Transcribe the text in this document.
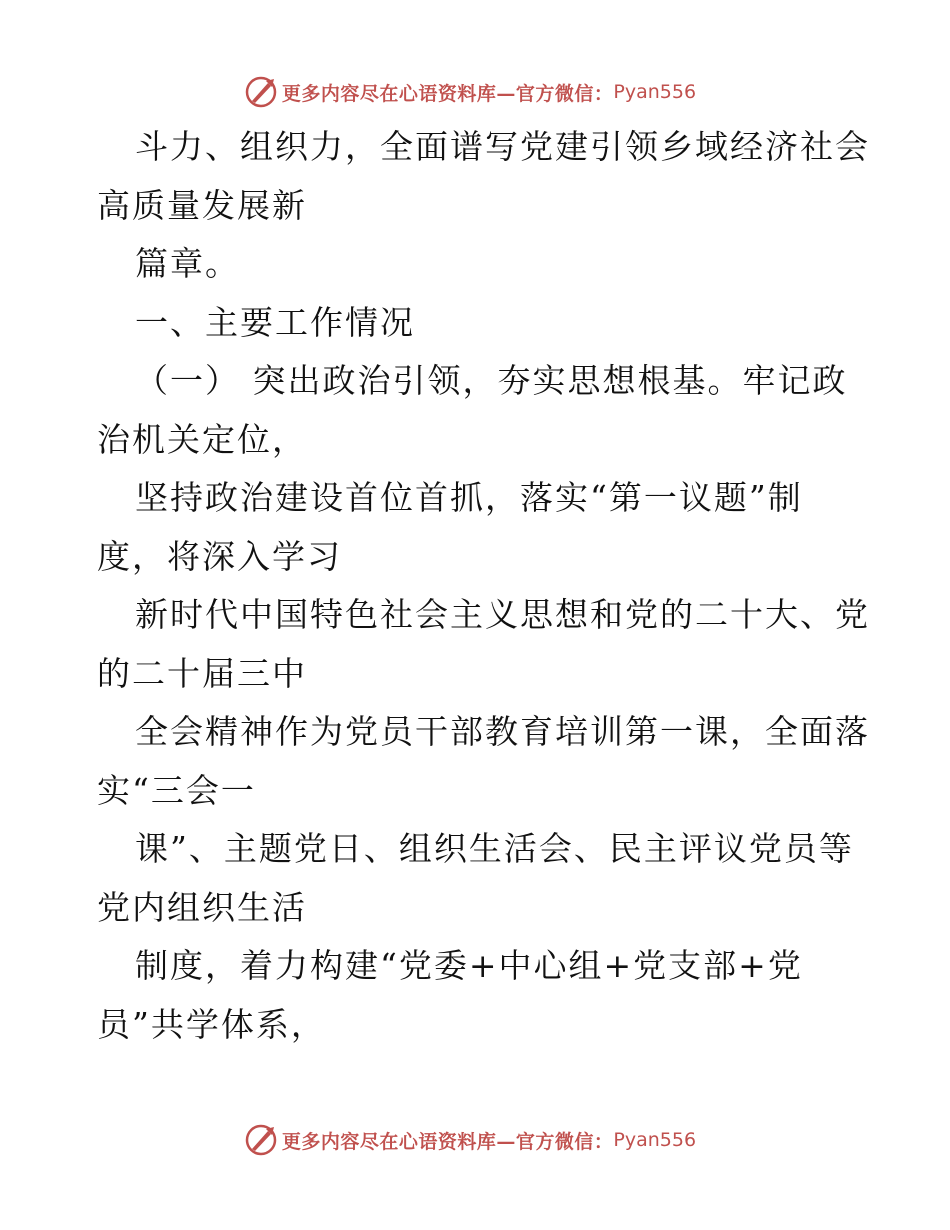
更多内容尽在心语资料库—官方微信： Pyan556
斗力、组织力，全面谱写党建引领乡域经济社会
高质量发展新
篇章。
一、主要工作情况
（一） 突出政治引领，夯实思想根基。牢记政
治机关定位，
坚持政治建设首位首抓，落实“第一议题”制
度，将深入学习
新时代中国特色社会主义思想和党的二十大、党
的二十届三中
全会精神作为党员干部教育培训第一课，全面落
实“三会一
课”、主题党日、组织生活会、民主评议党员等
党内组织生活
制度，着力构建“党委+中心组+党支部+党
员”共学体系，
更多内容尽在心语资料库—官方微信： Pyan556
